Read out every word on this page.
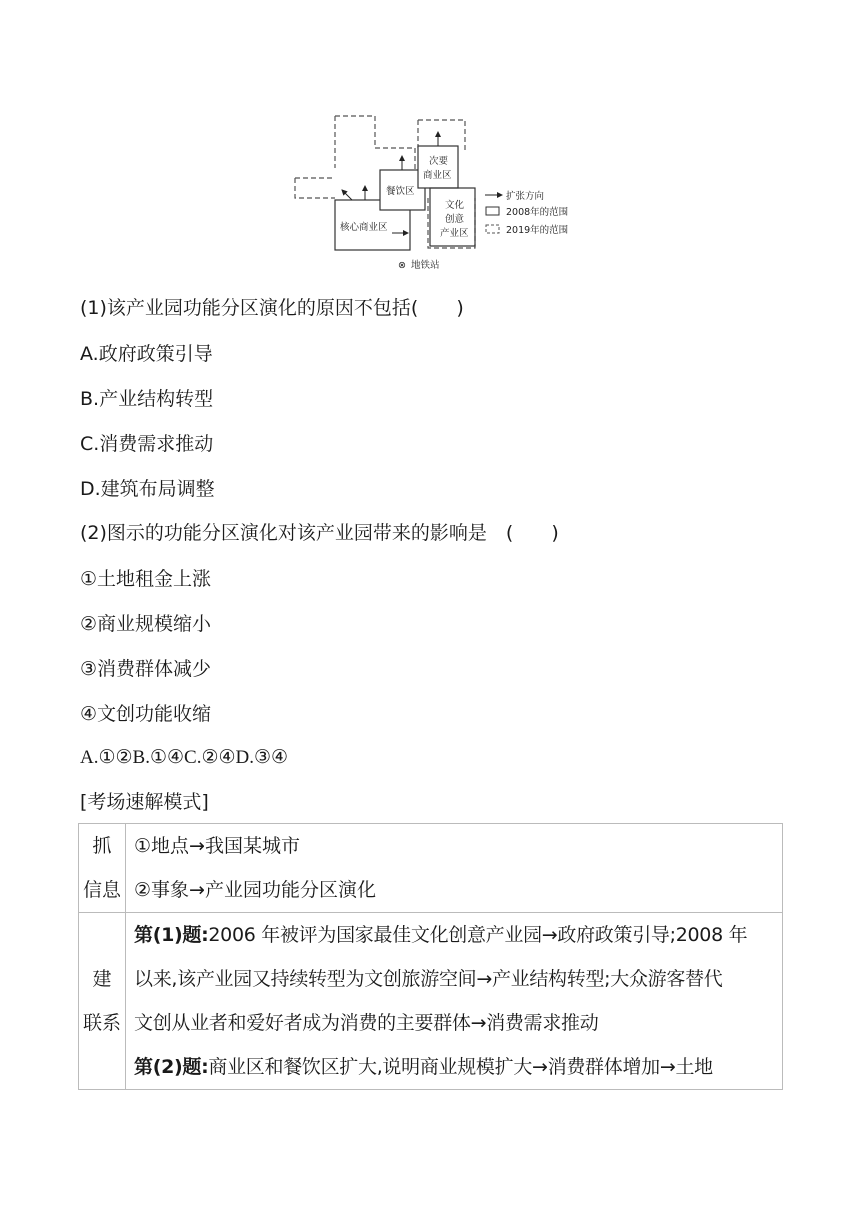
核心商业区
餐饮区
次要
商业区
文化
创意
产业区
扩张方向
2008年的范围
2019年的范围
⊗ 地铁站

(1)该产业园功能分区演化的原因不包括(　　)

A.政府政策引导

B.产业结构转型

C.消费需求推动

D.建筑布局调整

(2)图示的功能分区演化对该产业园带来的影响是　(　　)

①土地租金上涨

②商业规模缩小

③消费群体减少

④文创功能收缩

A.①②B.①④C.②④D.③④

[考场速解模式]

抓
信息	①地点→我国某城市
②事象→产业园功能分区演化

建
联系	第(1)题:2006 年被评为国家最佳文化创意产业园→政府政策引导;2008 年
以来,该产业园又持续转型为文创旅游空间→产业结构转型;大众游客替代
文创从业者和爱好者成为消费的主要群体→消费需求推动
第(2)题:商业区和餐饮区扩大,说明商业规模扩大→消费群体增加→土地
